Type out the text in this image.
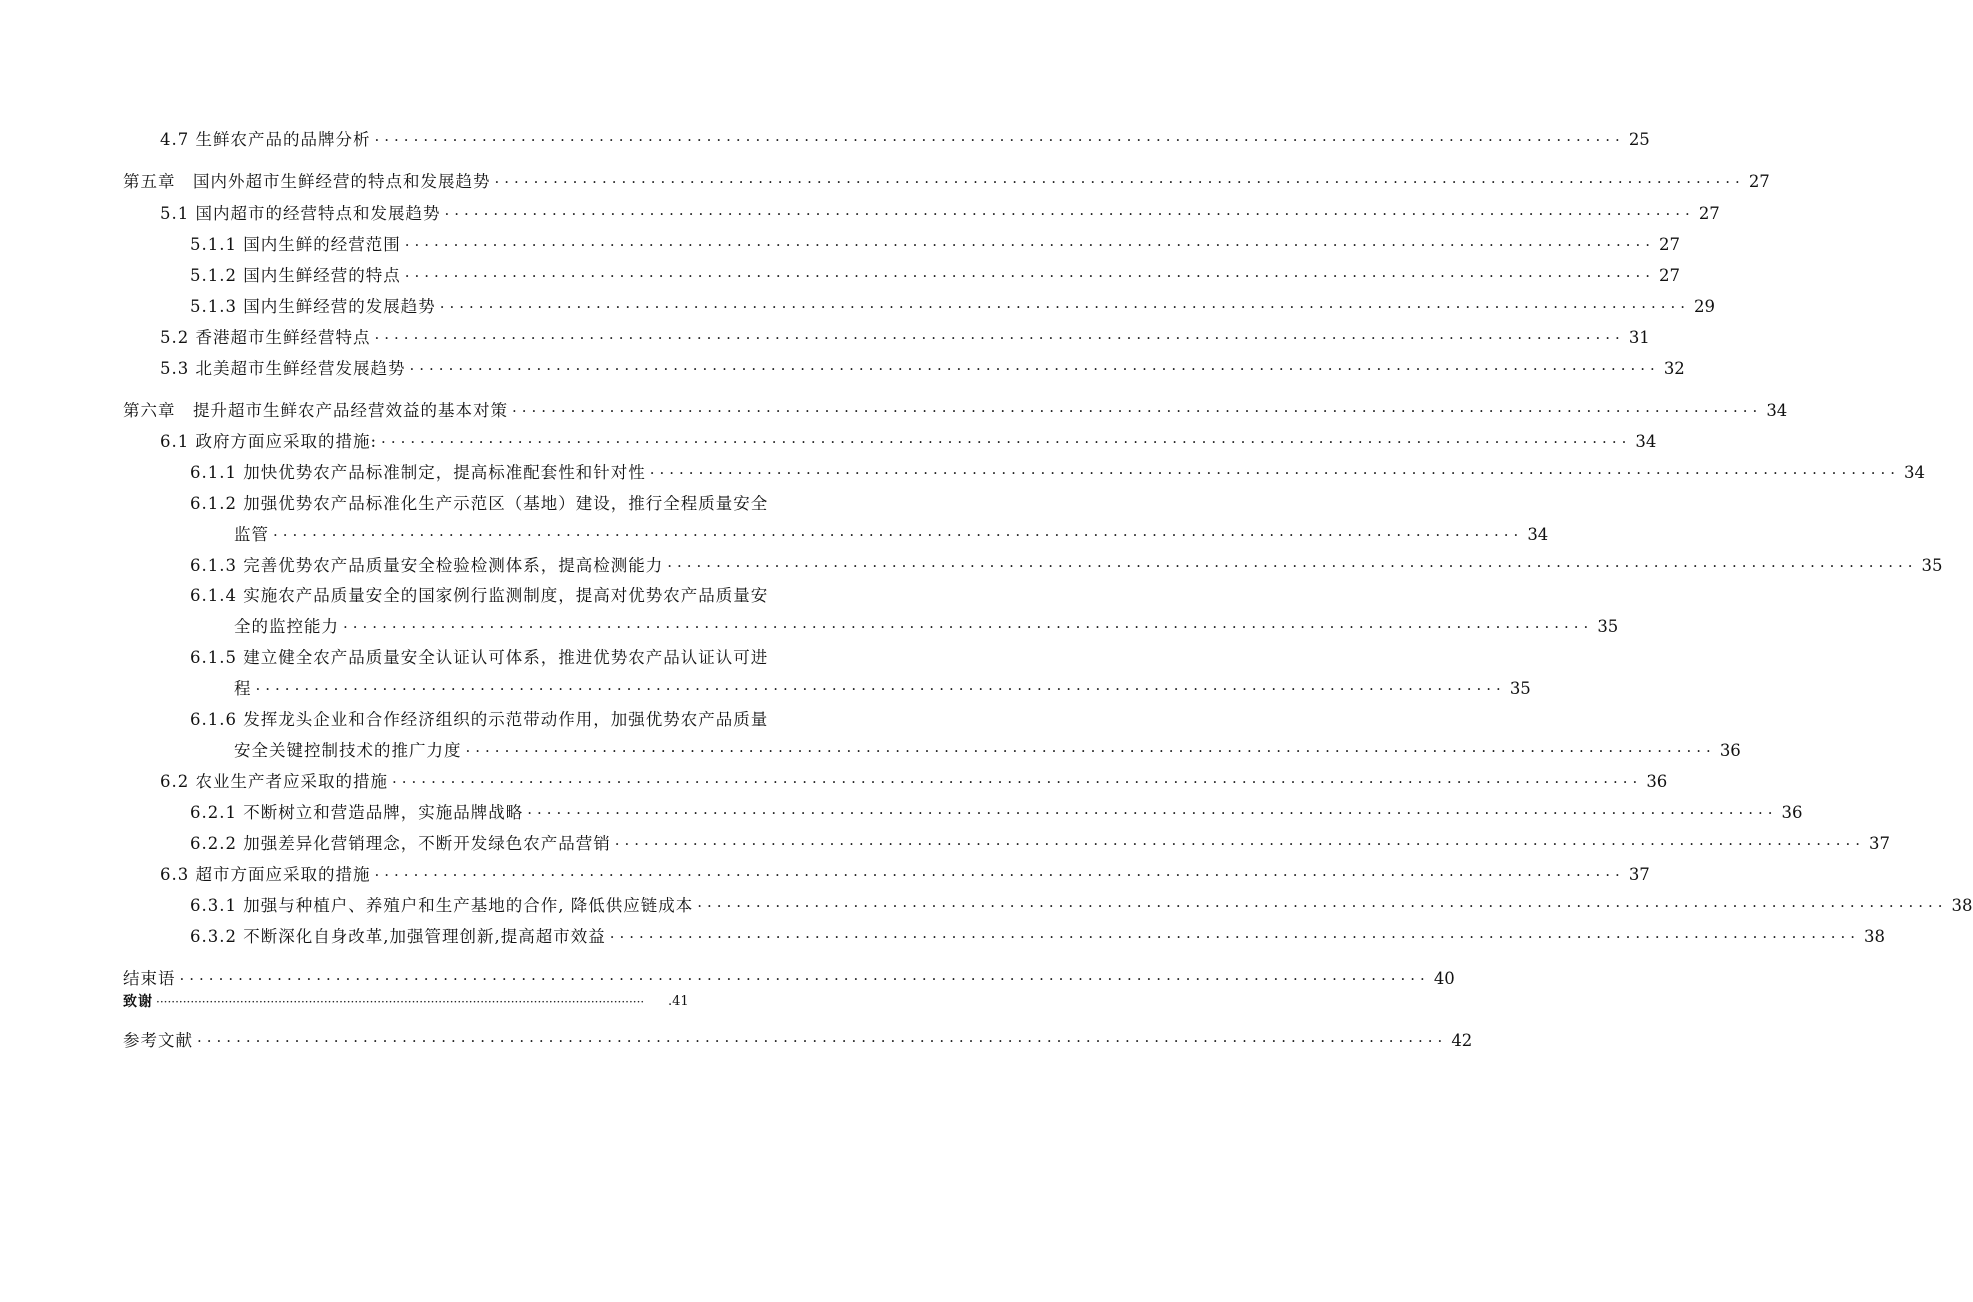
4.7 生鲜农产品的品牌分析 ································································································································ 25
第五章　国内外超市生鲜经营的特点和发展趋势 ································································································································ 27
5.1 国内超市的经营特点和发展趋势 ································································································································ 27
5.1.1 国内生鲜的经营范围 ································································································································ 27
5.1.2 国内生鲜经营的特点 ································································································································ 27
5.1.3 国内生鲜经营的发展趋势 ································································································································ 29
5.2 香港超市生鲜经营特点 ································································································································ 31
5.3 北美超市生鲜经营发展趋势 ································································································································ 32
第六章　提升超市生鲜农产品经营效益的基本对策 ································································································································ 34
6.1 政府方面应采取的措施: ································································································································ 34
6.1.1 加快优势农产品标准制定，提高标准配套性和针对性 ································································································································ 34
6.1.2 加强优势农产品标准化生产示范区（基地）建设，推行全程质量安全
监管 ································································································································ 34
6.1.3 完善优势农产品质量安全检验检测体系，提高检测能力 ································································································································ 35
6.1.4 实施农产品质量安全的国家例行监测制度，提高对优势农产品质量安
全的监控能力 ································································································································ 35
6.1.5 建立健全农产品质量安全认证认可体系，推进优势农产品认证认可进
程 ································································································································ 35
6.1.6 发挥龙头企业和合作经济组织的示范带动作用，加强优势农产品质量
安全关键控制技术的推广力度 ································································································································ 36
6.2 农业生产者应采取的措施 ································································································································ 36
6.2.1 不断树立和营造品牌，实施品牌战略 ································································································································ 36
6.2.2 加强差异化营销理念，不断开发绿色农产品营销 ································································································································ 37
6.3 超市方面应采取的措施 ································································································································ 37
6.3.1 加强与种植户、养殖户和生产基地的合作, 降低供应链成本 ································································································································ 38
6.3.2 不断深化自身改革,加强管理创新,提高超市效益 ································································································································ 38
结束语 ································································································································ 40
致谢 ································································································································	.41
参考文献 ································································································································ 42
